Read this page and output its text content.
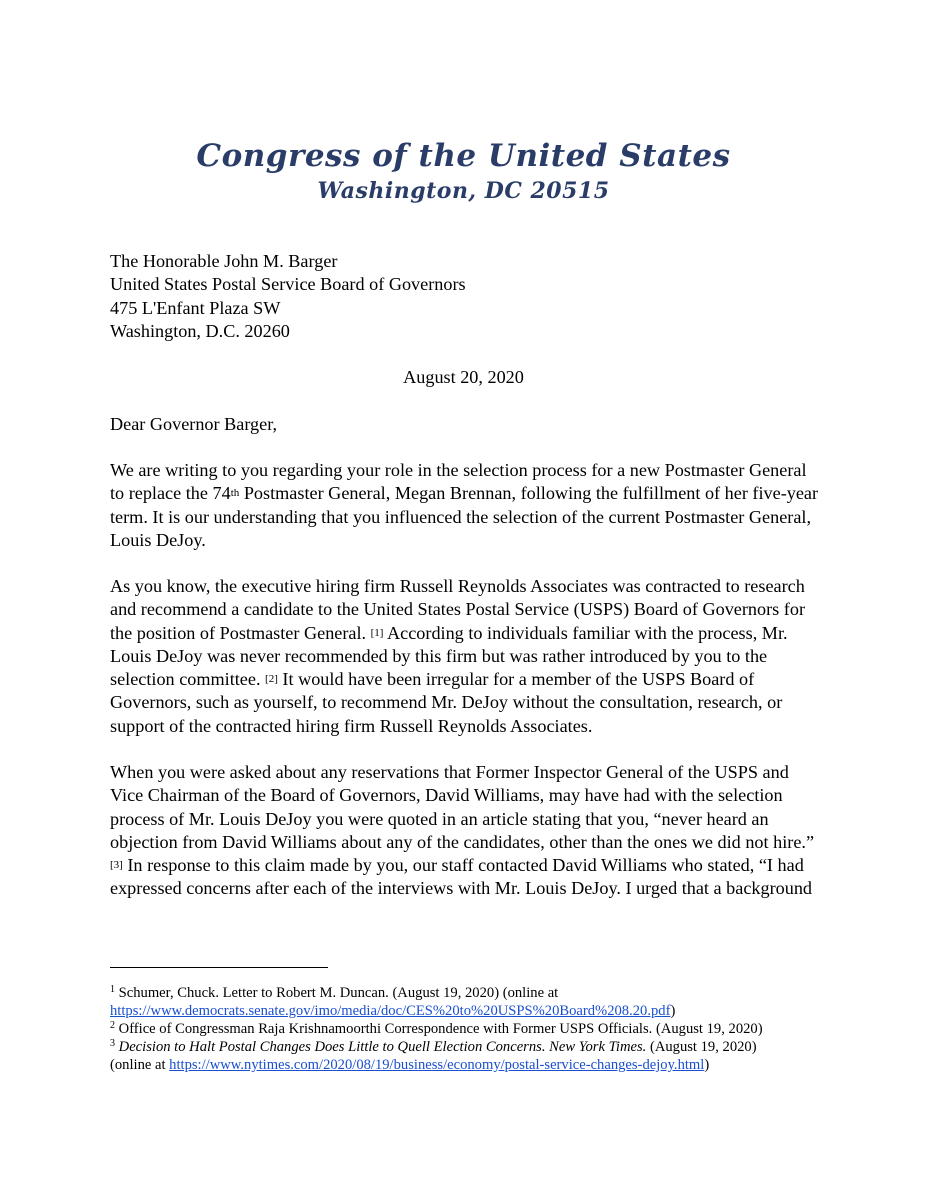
Congress of the United States
Washington, DC 20515
The Honorable John M. Barger
United States Postal Service Board of Governors
475 L'Enfant Plaza SW
Washington, D.C. 20260
August 20, 2020
Dear Governor Barger,
We are writing to you regarding your role in the selection process for a new Postmaster General
to replace the 74th Postmaster General, Megan Brennan, following the fulfillment of her five-year
term. It is our understanding that you influenced the selection of the current Postmaster General,
Louis DeJoy.
As you know, the executive hiring firm Russell Reynolds Associates was contracted to research
and recommend a candidate to the United States Postal Service (USPS) Board of Governors for
the position of Postmaster General. [1] According to individuals familiar with the process, Mr.
Louis DeJoy was never recommended by this firm but was rather introduced by you to the
selection committee. [2] It would have been irregular for a member of the USPS Board of
Governors, such as yourself, to recommend Mr. DeJoy without the consultation, research, or
support of the contracted hiring firm Russell Reynolds Associates.
When you were asked about any reservations that Former Inspector General of the USPS and
Vice Chairman of the Board of Governors, David Williams, may have had with the selection
process of Mr. Louis DeJoy you were quoted in an article stating that you, “never heard an
objection from David Williams about any of the candidates, other than the ones we did not hire.”
[3] In response to this claim made by you, our staff contacted David Williams who stated, “I had
expressed concerns after each of the interviews with Mr. Louis DeJoy. I urged that a background
$^1$ Schumer, Chuck. Letter to Robert M. Duncan. (August 19, 2020) (online at
https://www.democrats.senate.gov/imo/media/doc/CES%20to%20USPS%20Board%208.20.pdf)
$^2$ Office of Congressman Raja Krishnamoorthi Correspondence with Former USPS Officials. (August 19, 2020)
$^3$ Decision to Halt Postal Changes Does Little to Quell Election Concerns. New York Times. (August 19, 2020)
(online at https://www.nytimes.com/2020/08/19/business/economy/postal-service-changes-dejoy.html)
